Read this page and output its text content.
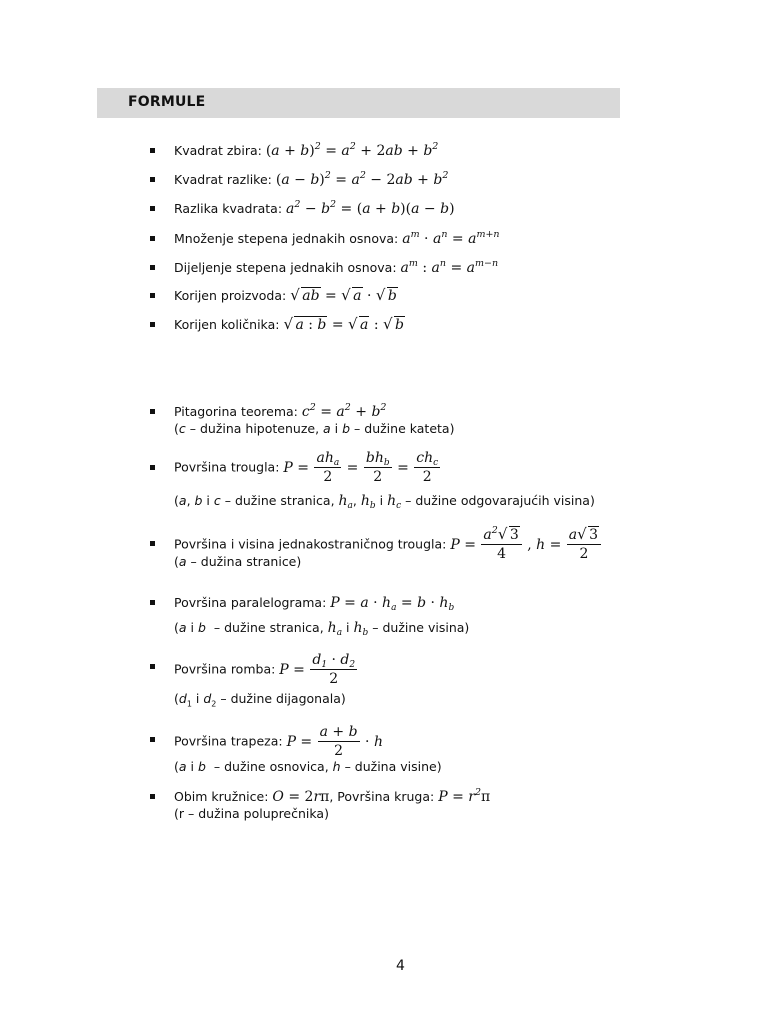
FORMULE
Kvadrat zbira: $(a + b)^2 = a^2 + 2ab + b^2$
Kvadrat razlike: $(a - b)^2 = a^2 - 2ab + b^2$
Razlika kvadrata: $a^2 - b^2 = (a + b)(a - b)$
Množenje stepena jednakih osnova: $a^m \cdot a^n = a^{m+n}$
Dijeljenje stepena jednakih osnova: $a^m$ : $a^n = a^{m-n}$
Korijen proizvoda: √ ab = √ a · √ b
Korijen količnika: √ a : b = √ a : √ b
Pitagorina teorema: $c^2 = a^2 + b^2$
(c – dužina hipotenuze, a i b – dužine kateta)
Površina trougla: $P = \frac{ah_a}{2} = \frac{bh_b}{2} = \frac{ch_c}{2}$
(a, b i c – dužine stranica, $h_a$, $h_b$ i $h_c$ – dužine odgovarajućih visina)
Površina i visina jednakostraničnog trougla: $P = \frac{a^2 √ 3}{4}$ , $h = \frac{a √ 3}{2}$
(a – dužina stranice)
Površina paralelograma: $P = a \cdot h_a = b \cdot h_b$
(a i b  – dužine stranica, $h_a$ i $h_b$ – dužine visina)
Površina romba: $P = \frac{d_1 \cdot d_2}{2}$
($d_1$ i $d_2$ – dužine dijagonala)
Površina trapeza: $P = \frac{a + b}{2} \cdot h$
(a i b  – dužine osnovica, h – dužina visine)
Obim kružnice: O = 2rπ, Površina kruga: $P = r^2\pi$
(r – dužina poluprečnika)
4
